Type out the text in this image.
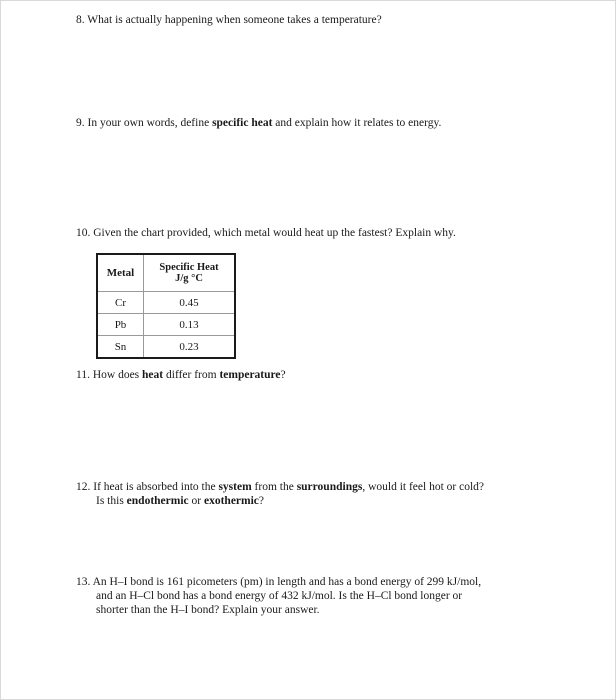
8. What is actually happening when someone takes a temperature?
9. In your own words, define specific heat and explain how it relates to energy.
10. Given the chart provided, which metal would heat up the fastest? Explain why.
Metal	Specific Heat
J/g °C

Cr	0.45
Pb	0.13
Sn	0.23
11. How does heat differ from temperature?
12. If heat is absorbed into the system from the surroundings, would it feel hot or cold?
Is this endothermic or exothermic?
13. An H–I bond is 161 picometers (pm) in length and has a bond energy of 299 kJ/mol,
and an H–Cl bond has a bond energy of 432 kJ/mol. Is the H–Cl bond longer or
shorter than the H–I bond? Explain your answer.
